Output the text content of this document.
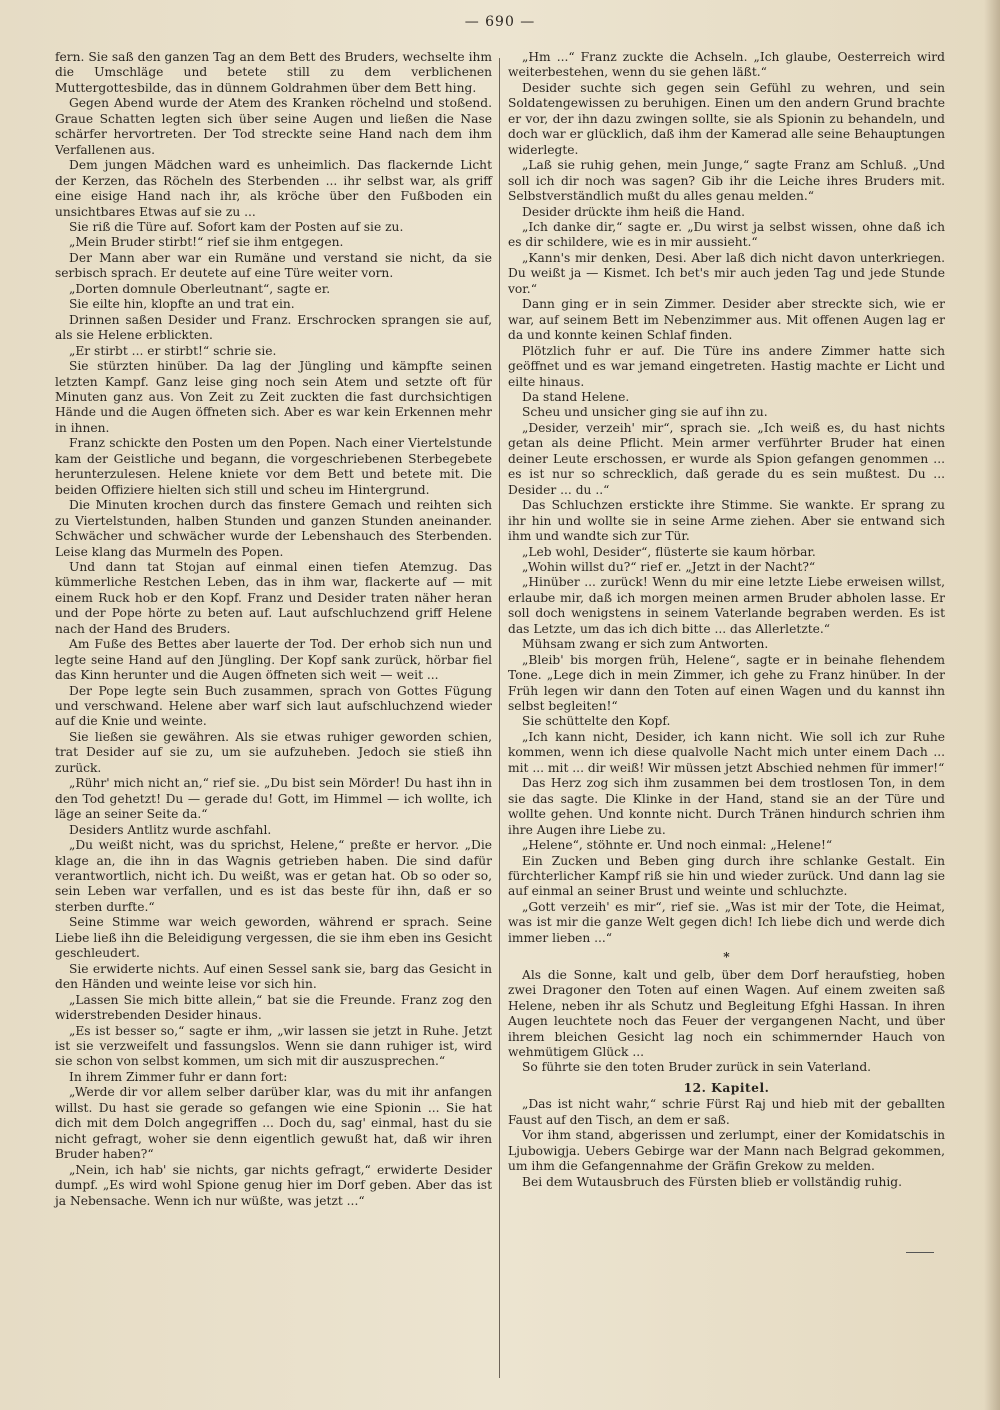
— 690 —

fern. Sie saß den ganzen Tag an dem Bett des Bruders, wechselte ihm die Umschläge und betete still zu dem verblichenen Muttergottesbilde, das in dünnem Goldrahmen über dem Bett hing.

Gegen Abend wurde der Atem des Kranken röchelnd und stoßend. Graue Schatten legten sich über seine Augen und ließen die Nase schärfer hervortreten. Der Tod streckte seine Hand nach dem ihm Verfallenen aus.

Dem jungen Mädchen ward es unheimlich. Das flackernde Licht der Kerzen, das Röcheln des Sterbenden ... ihr selbst war, als griff eine eisige Hand nach ihr, als kröche über den Fußboden ein unsichtbares Etwas auf sie zu ...

Sie riß die Türe auf. Sofort kam der Posten auf sie zu.

„Mein Bruder stirbt!“ rief sie ihm entgegen.

Der Mann aber war ein Rumäne und verstand sie nicht, da sie serbisch sprach. Er deutete auf eine Türe weiter vorn.

„Dorten domnule Oberleutnant“, sagte er.

Sie eilte hin, klopfte an und trat ein.

Drinnen saßen Desider und Franz. Erschrocken sprangen sie auf, als sie Helene erblickten.

„Er stirbt ... er stirbt!“ schrie sie.

Sie stürzten hinüber. Da lag der Jüngling und kämpfte seinen letzten Kampf. Ganz leise ging noch sein Atem und setzte oft für Minuten ganz aus. Von Zeit zu Zeit zuckten die fast durchsichtigen Hände und die Augen öffneten sich. Aber es war kein Erkennen mehr in ihnen.

Franz schickte den Posten um den Popen. Nach einer Viertelstunde kam der Geistliche und begann, die vorgeschriebenen Sterbegebete herunterzulesen. Helene kniete vor dem Bett und betete mit. Die beiden Offiziere hielten sich still und scheu im Hintergrund.

Die Minuten krochen durch das finstere Gemach und reihten sich zu Viertelstunden, halben Stunden und ganzen Stunden aneinander. Schwächer und schwächer wurde der Lebenshauch des Sterbenden. Leise klang das Murmeln des Popen.

Und dann tat Stojan auf einmal einen tiefen Atemzug. Das kümmerliche Restchen Leben, das in ihm war, flackerte auf — mit einem Ruck hob er den Kopf. Franz und Desider traten näher heran und der Pope hörte zu beten auf. Laut aufschluchzend griff Helene nach der Hand des Bruders.

Am Fuße des Bettes aber lauerte der Tod. Der erhob sich nun und legte seine Hand auf den Jüngling. Der Kopf sank zurück, hörbar fiel das Kinn herunter und die Augen öffneten sich weit — weit ...

Der Pope legte sein Buch zusammen, sprach von Gottes Fügung und verschwand. Helene aber warf sich laut aufschluchzend wieder auf die Knie und weinte.

Sie ließen sie gewähren. Als sie etwas ruhiger geworden schien, trat Desider auf sie zu, um sie aufzuheben. Jedoch sie stieß ihn zurück.

„Rühr' mich nicht an,“ rief sie. „Du bist sein Mörder! Du hast ihn in den Tod gehetzt! Du — gerade du! Gott, im Himmel — ich wollte, ich läge an seiner Seite da.“

Desiders Antlitz wurde aschfahl.

„Du weißt nicht, was du sprichst, Helene,“ preßte er hervor. „Die klage an, die ihn in das Wagnis getrieben haben. Die sind dafür verantwortlich, nicht ich. Du weißt, was er getan hat. Ob so oder so, sein Leben war verfallen, und es ist das beste für ihn, daß er so sterben durfte.“

Seine Stimme war weich geworden, während er sprach. Seine Liebe ließ ihn die Beleidigung vergessen, die sie ihm eben ins Gesicht geschleudert.

Sie erwiderte nichts. Auf einen Sessel sank sie, barg das Gesicht in den Händen und weinte leise vor sich hin.

„Lassen Sie mich bitte allein,“ bat sie die Freunde. Franz zog den widerstrebenden Desider hinaus.

„Es ist besser so,“ sagte er ihm, „wir lassen sie jetzt in Ruhe. Jetzt ist sie verzweifelt und fassungslos. Wenn sie dann ruhiger ist, wird sie schon von selbst kommen, um sich mit dir auszusprechen.“

In ihrem Zimmer fuhr er dann fort:

„Werde dir vor allem selber darüber klar, was du mit ihr anfangen willst. Du hast sie gerade so gefangen wie eine Spionin ... Sie hat dich mit dem Dolch angegriffen ... Doch du, sag' einmal, hast du sie nicht gefragt, woher sie denn eigentlich gewußt hat, daß wir ihren Bruder haben?“

„Nein, ich hab' sie nichts, gar nichts gefragt,“ erwiderte Desider dumpf. „Es wird wohl Spione genug hier im Dorf geben. Aber das ist ja Nebensache. Wenn ich nur wüßte, was jetzt ...“

„Hm ...“ Franz zuckte die Achseln. „Ich glaube, Oesterreich wird weiterbestehen, wenn du sie gehen läßt.“

Desider suchte sich gegen sein Gefühl zu wehren, und sein Soldatengewissen zu beruhigen. Einen um den andern Grund brachte er vor, der ihn dazu zwingen sollte, sie als Spionin zu behandeln, und doch war er glücklich, daß ihm der Kamerad alle seine Behauptungen widerlegte.

„Laß sie ruhig gehen, mein Junge,“ sagte Franz am Schluß. „Und soll ich dir noch was sagen? Gib ihr die Leiche ihres Bruders mit. Selbstverständlich mußt du alles genau melden.“

Desider drückte ihm heiß die Hand.

„Ich danke dir,“ sagte er. „Du wirst ja selbst wissen, ohne daß ich es dir schildere, wie es in mir aussieht.“

„Kann's mir denken, Desi. Aber laß dich nicht davon unterkriegen. Du weißt ja — Kismet. Ich bet's mir auch jeden Tag und jede Stunde vor.“

Dann ging er in sein Zimmer. Desider aber streckte sich, wie er war, auf seinem Bett im Nebenzimmer aus. Mit offenen Augen lag er da und konnte keinen Schlaf finden.

Plötzlich fuhr er auf. Die Türe ins andere Zimmer hatte sich geöffnet und es war jemand eingetreten. Hastig machte er Licht und eilte hinaus.

Da stand Helene.

Scheu und unsicher ging sie auf ihn zu.

„Desider, verzeih' mir“, sprach sie. „Ich weiß es, du hast nichts getan als deine Pflicht. Mein armer verführter Bruder hat einen deiner Leute erschossen, er wurde als Spion gefangen genommen ... es ist nur so schrecklich, daß gerade du es sein mußtest. Du ... Desider ... du ..“

Das Schluchzen erstickte ihre Stimme. Sie wankte. Er sprang zu ihr hin und wollte sie in seine Arme ziehen. Aber sie entwand sich ihm und wandte sich zur Tür.

„Leb wohl, Desider“, flüsterte sie kaum hörbar.

„Wohin willst du?“ rief er. „Jetzt in der Nacht?“

„Hinüber ... zurück! Wenn du mir eine letzte Liebe erweisen willst, erlaube mir, daß ich morgen meinen armen Bruder abholen lasse. Er soll doch wenigstens in seinem Vaterlande begraben werden. Es ist das Letzte, um das ich dich bitte ... das Allerletzte.“

Mühsam zwang er sich zum Antworten.

„Bleib' bis morgen früh, Helene“, sagte er in beinahe flehendem Tone. „Lege dich in mein Zimmer, ich gehe zu Franz hinüber. In der Früh legen wir dann den Toten auf einen Wagen und du kannst ihn selbst begleiten!“

Sie schüttelte den Kopf.

„Ich kann nicht, Desider, ich kann nicht. Wie soll ich zur Ruhe kommen, wenn ich diese qualvolle Nacht mich unter einem Dach ... mit ... mit ... dir weiß! Wir müssen jetzt Abschied nehmen für immer!“

Das Herz zog sich ihm zusammen bei dem trostlosen Ton, in dem sie das sagte. Die Klinke in der Hand, stand sie an der Türe und wollte gehen. Und konnte nicht. Durch Tränen hindurch schrien ihm ihre Augen ihre Liebe zu.

„Helene“, stöhnte er. Und noch einmal: „Helene!“

Ein Zucken und Beben ging durch ihre schlanke Gestalt. Ein fürchterlicher Kampf riß sie hin und wieder zurück. Und dann lag sie auf einmal an seiner Brust und weinte und schluchzte.

„Gott verzeih' es mir“, rief sie. „Was ist mir der Tote, die Heimat, was ist mir die ganze Welt gegen dich! Ich liebe dich und werde dich immer lieben ...“

*

Als die Sonne, kalt und gelb, über dem Dorf heraufstieg, hoben zwei Dragoner den Toten auf einen Wagen. Auf einem zweiten saß Helene, neben ihr als Schutz und Begleitung Efghi Hassan. In ihren Augen leuchtete noch das Feuer der vergangenen Nacht, und über ihrem bleichen Gesicht lag noch ein schimmernder Hauch von wehmütigem Glück ...

So führte sie den toten Bruder zurück in sein Vaterland.

12. Kapitel.

„Das ist nicht wahr,“ schrie Fürst Raj und hieb mit der geballten Faust auf den Tisch, an dem er saß.

Vor ihm stand, abgerissen und zerlumpt, einer der Komidatschis in Ljubowigja. Uebers Gebirge war der Mann nach Belgrad gekommen, um ihm die Gefangennahme der Gräfin Grekow zu melden.

Bei dem Wutausbruch des Fürsten blieb er vollständig ruhig.
